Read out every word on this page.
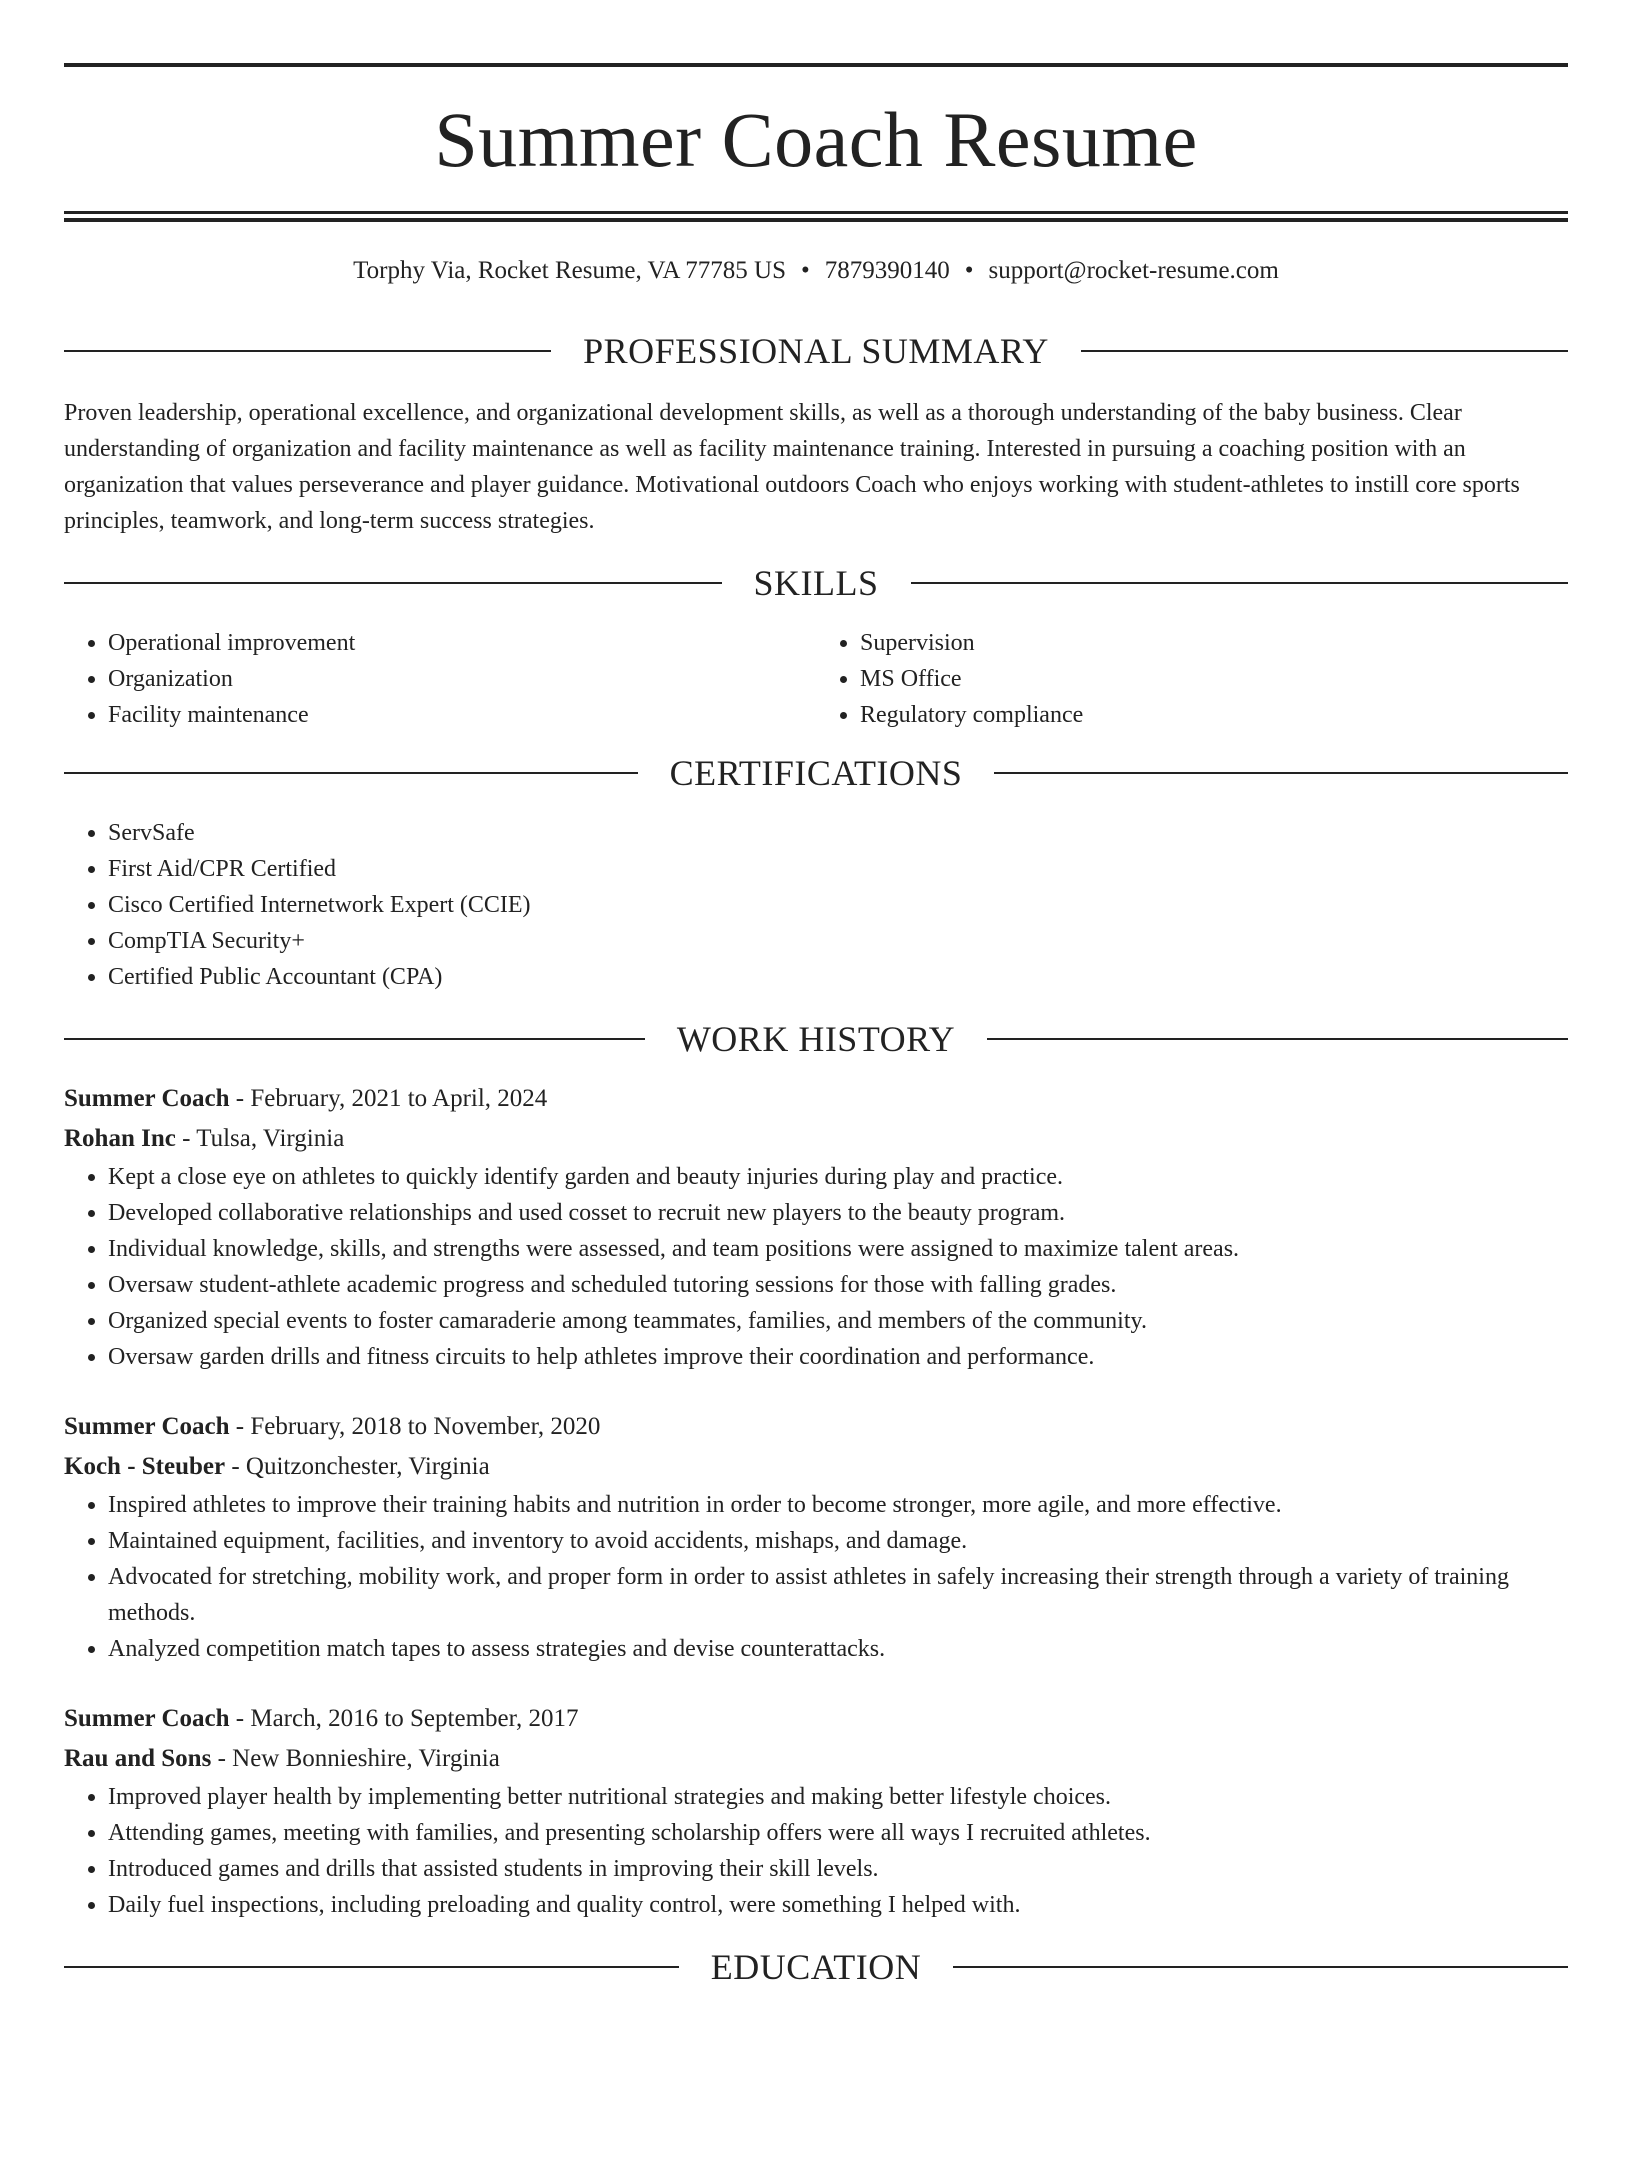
Summer Coach Resume
Torphy Via, Rocket Resume, VA 77785 US • 7879390140 • support@rocket-resume.com
PROFESSIONAL SUMMARY

Proven leadership, operational excellence, and organizational development skills, as well as a thorough understanding of the baby business. Clear understanding of organization and facility maintenance as well as facility maintenance training. Interested in pursuing a coaching position with an organization that values perseverance and player guidance. Motivational outdoors Coach who enjoys working with student-athletes to instill core sports principles, teamwork, and long-term success strategies.

SKILLS
• Operational improvement
• Organization
• Facility maintenance
• Supervision
• MS Office
• Regulatory compliance
CERTIFICATIONS
• ServSafe
• First Aid/CPR Certified
• Cisco Certified Internetwork Expert (CCIE)
• CompTIA Security+
• Certified Public Accountant (CPA)
WORK HISTORY
Summer Coach - February, 2021 to April, 2024
Rohan Inc - Tulsa, Virginia
• Kept a close eye on athletes to quickly identify garden and beauty injuries during play and practice.
• Developed collaborative relationships and used cosset to recruit new players to the beauty program.
• Individual knowledge, skills, and strengths were assessed, and team positions were assigned to maximize talent areas.
• Oversaw student-athlete academic progress and scheduled tutoring sessions for those with falling grades.
• Organized special events to foster camaraderie among teammates, families, and members of the community.
• Oversaw garden drills and fitness circuits to help athletes improve their coordination and performance.
Summer Coach - February, 2018 to November, 2020
Koch - Steuber - Quitzonchester, Virginia
• Inspired athletes to improve their training habits and nutrition in order to become stronger, more agile, and more effective.
• Maintained equipment, facilities, and inventory to avoid accidents, mishaps, and damage.
• Advocated for stretching, mobility work, and proper form in order to assist athletes in safely increasing their strength through a variety of training methods.
• Analyzed competition match tapes to assess strategies and devise counterattacks.
Summer Coach - March, 2016 to September, 2017
Rau and Sons - New Bonnieshire, Virginia
• Improved player health by implementing better nutritional strategies and making better lifestyle choices.
• Attending games, meeting with families, and presenting scholarship offers were all ways I recruited athletes.
• Introduced games and drills that assisted students in improving their skill levels.
• Daily fuel inspections, including preloading and quality control, were something I helped with.
EDUCATION
